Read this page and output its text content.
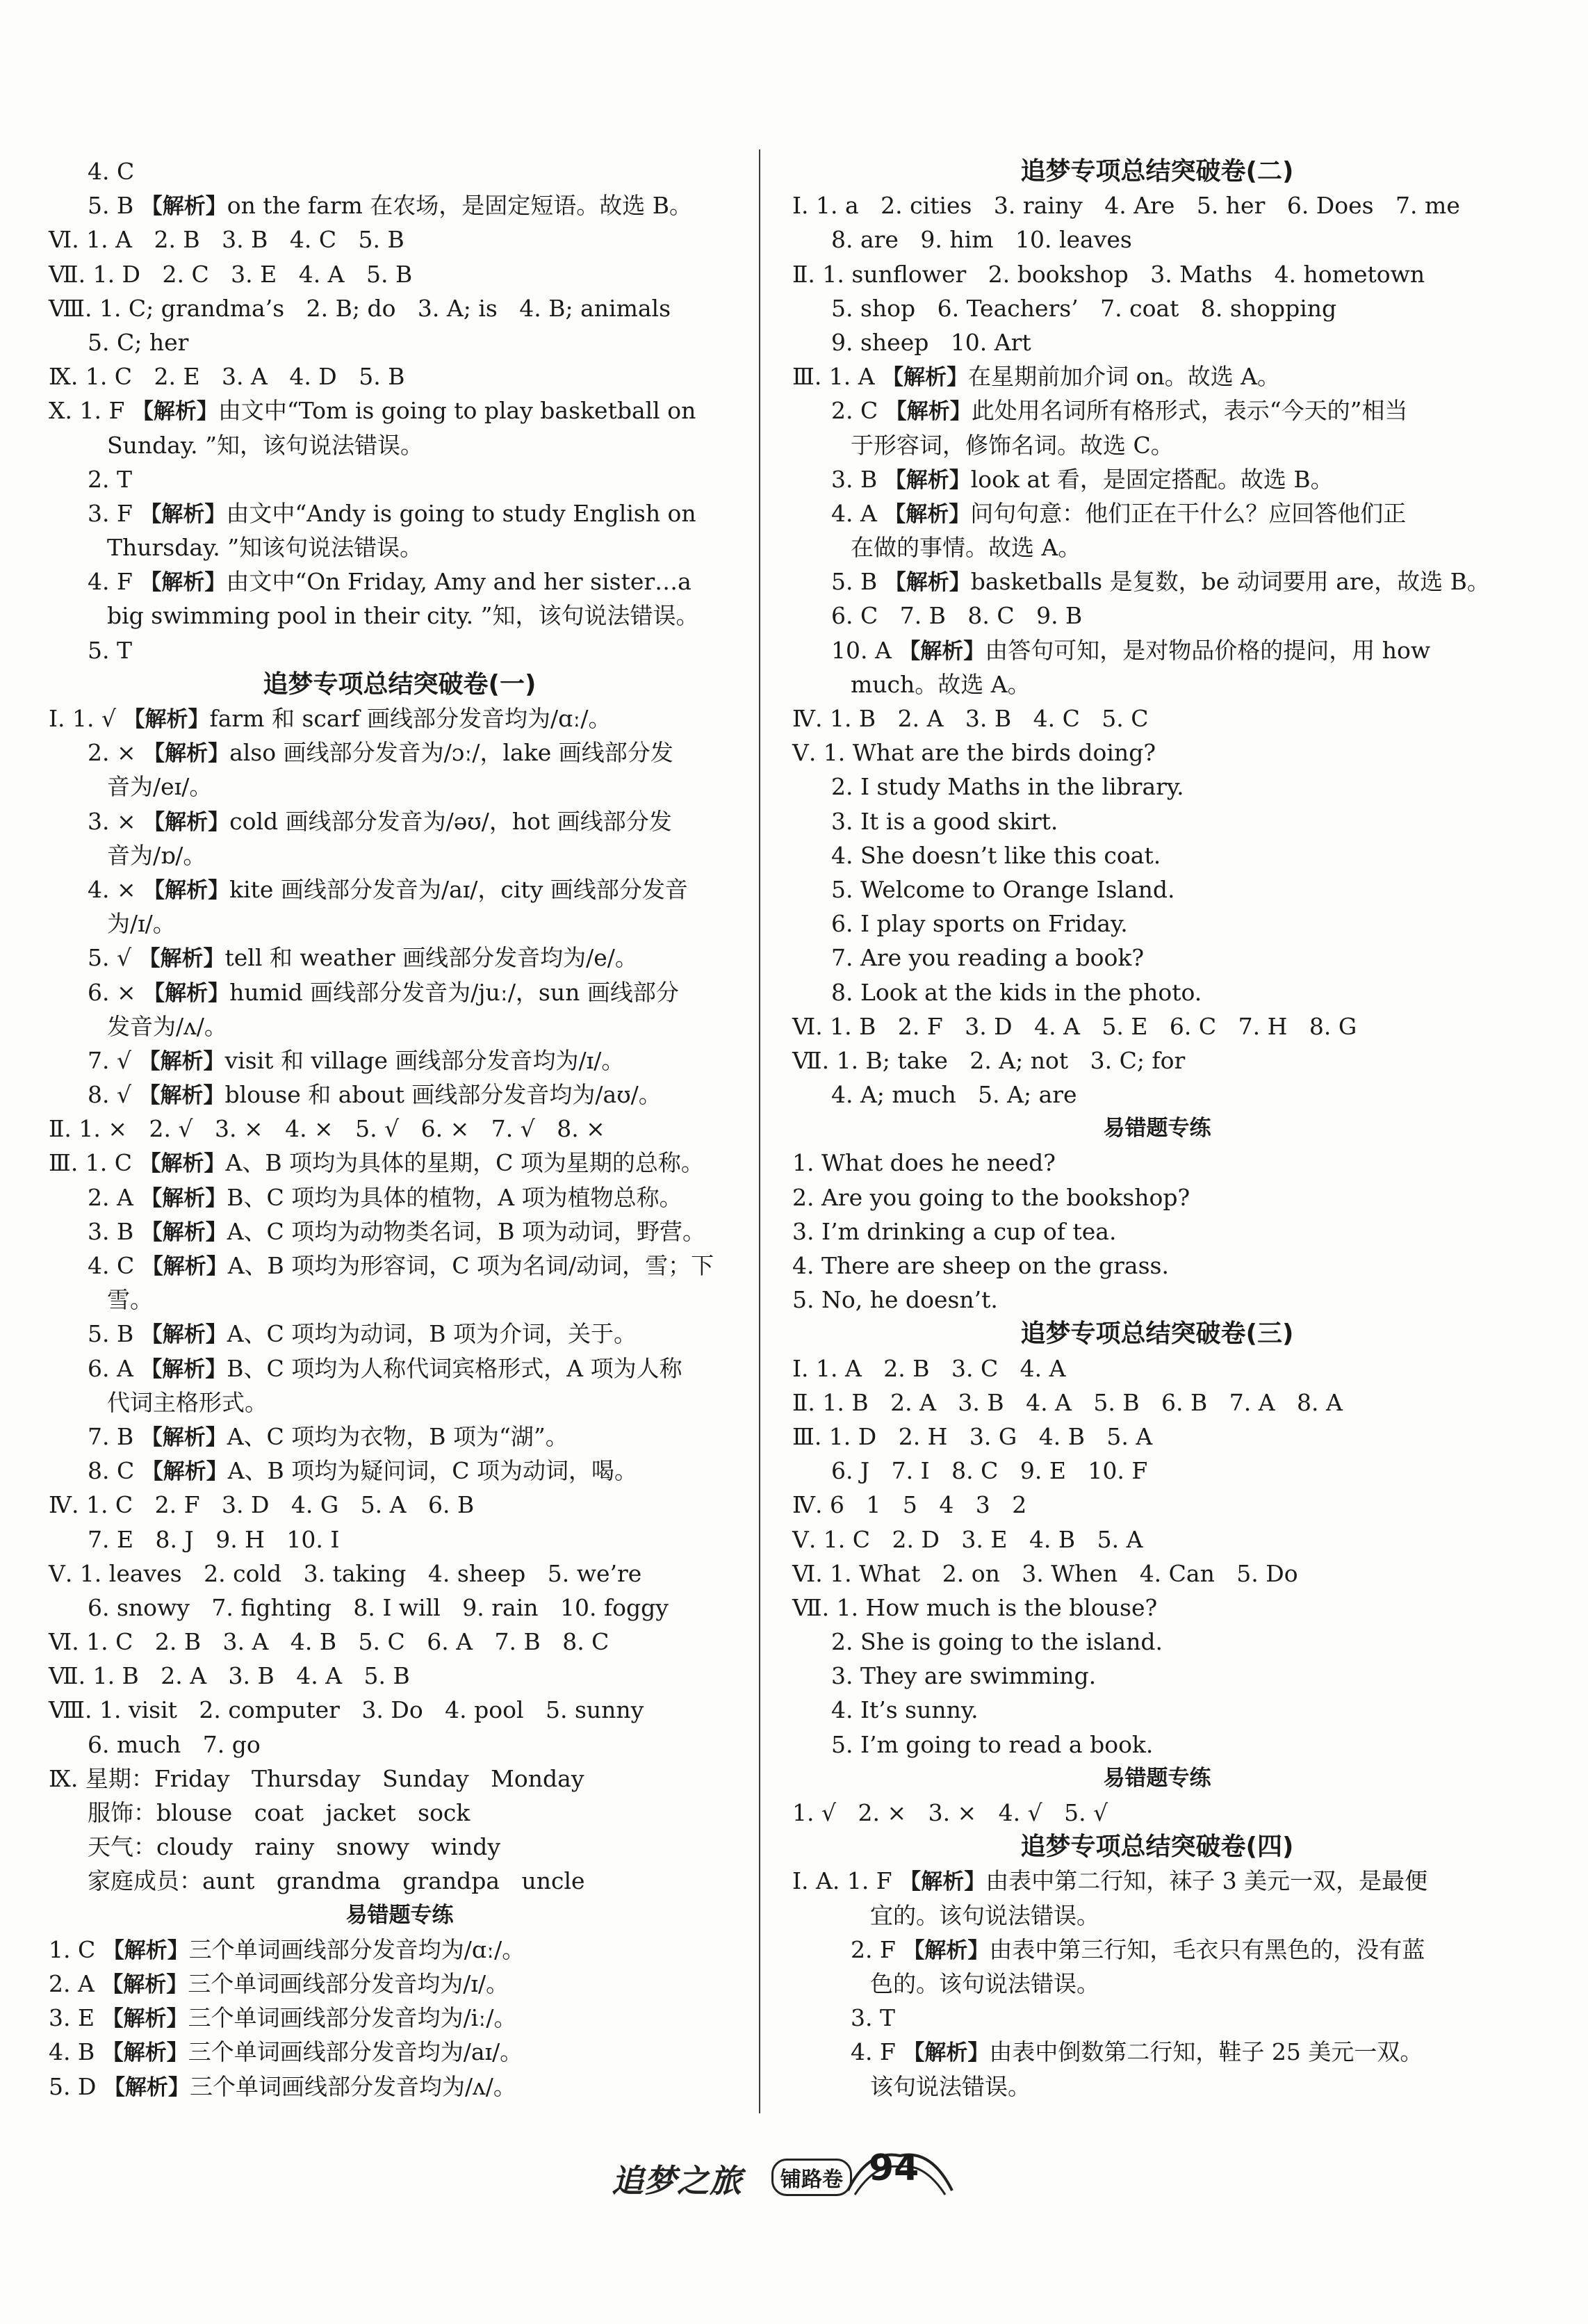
4. C
5. B 【解析】on the farm 在农场，是固定短语。故选 B。
Ⅵ. 1. A   2. B   3. B   4. C   5. B
Ⅶ. 1. D   2. C   3. E   4. A   5. B
Ⅷ. 1. C; grandma’s   2. B; do   3. A; is   4. B; animals
5. C; her
Ⅸ. 1. C   2. E   3. A   4. D   5. B
Ⅹ. 1. F 【解析】由文中“Tom is going to play basketball on
Sunday. ”知，该句说法错误。
2. T
3. F 【解析】由文中“Andy is going to study English on
Thursday. ”知该句说法错误。
4. F 【解析】由文中“On Friday, Amy and her sister…a
big swimming pool in their city. ”知，该句说法错误。
5. T
追梦专项总结突破卷(一)
Ⅰ. 1. √ 【解析】farm 和 scarf 画线部分发音均为/ɑː/。
2. × 【解析】also 画线部分发音为/ɔː/，lake 画线部分发
音为/eɪ/。
3. × 【解析】cold 画线部分发音为/əʊ/，hot 画线部分发
音为/ɒ/。
4. × 【解析】kite 画线部分发音为/aɪ/，city 画线部分发音
为/ɪ/。
5. √ 【解析】tell 和 weather 画线部分发音均为/e/。
6. × 【解析】humid 画线部分发音为/juː/，sun 画线部分
发音为/ʌ/。
7. √ 【解析】visit 和 village 画线部分发音均为/ɪ/。
8. √ 【解析】blouse 和 about 画线部分发音均为/aʊ/。
Ⅱ. 1. ×   2. √   3. ×   4. ×   5. √   6. ×   7. √   8. ×
Ⅲ. 1. C 【解析】A、B 项均为具体的星期，C 项为星期的总称。
2. A 【解析】B、C 项均为具体的植物，A 项为植物总称。
3. B 【解析】A、C 项均为动物类名词，B 项为动词，野营。
4. C 【解析】A、B 项均为形容词，C 项为名词/动词，雪；下
雪。
5. B 【解析】A、C 项均为动词，B 项为介词，关于。
6. A 【解析】B、C 项均为人称代词宾格形式，A 项为人称
代词主格形式。
7. B 【解析】A、C 项均为衣物，B 项为“湖”。
8. C 【解析】A、B 项均为疑问词，C 项为动词，喝。
Ⅳ. 1. C   2. F   3. D   4. G   5. A   6. B
7. E   8. J   9. H   10. I
Ⅴ. 1. leaves   2. cold   3. taking   4. sheep   5. we’re
6. snowy   7. fighting   8. I will   9. rain   10. foggy
Ⅵ. 1. C   2. B   3. A   4. B   5. C   6. A   7. B   8. C
Ⅶ. 1. B   2. A   3. B   4. A   5. B
Ⅷ. 1. visit   2. computer   3. Do   4. pool   5. sunny
6. much   7. go
Ⅸ. 星期：Friday   Thursday   Sunday   Monday
服饰：blouse   coat   jacket   sock
天气：cloudy   rainy   snowy   windy
家庭成员：aunt   grandma   grandpa   uncle
易错题专练
1. C 【解析】三个单词画线部分发音均为/ɑː/。
2. A 【解析】三个单词画线部分发音均为/ɪ/。
3. E 【解析】三个单词画线部分发音均为/iː/。
4. B 【解析】三个单词画线部分发音均为/aɪ/。
5. D 【解析】三个单词画线部分发音均为/ʌ/。
追梦专项总结突破卷(二)
Ⅰ. 1. a   2. cities   3. rainy   4. Are   5. her   6. Does   7. me
8. are   9. him   10. leaves
Ⅱ. 1. sunflower   2. bookshop   3. Maths   4. hometown
5. shop   6. Teachers’   7. coat   8. shopping
9. sheep   10. Art
Ⅲ. 1. A 【解析】在星期前加介词 on。故选 A。
2. C 【解析】此处用名词所有格形式，表示“今天的”相当
于形容词，修饰名词。故选 C。
3. B 【解析】look at 看，是固定搭配。故选 B。
4. A 【解析】问句句意：他们正在干什么？应回答他们正
在做的事情。故选 A。
5. B 【解析】basketballs 是复数，be 动词要用 are，故选 B。
6. C   7. B   8. C   9. B
10. A 【解析】由答句可知，是对物品价格的提问，用 how
much。故选 A。
Ⅳ. 1. B   2. A   3. B   4. C   5. C
Ⅴ. 1. What are the birds doing?
2. I study Maths in the library.
3. It is a good skirt.
4. She doesn’t like this coat.
5. Welcome to Orange Island.
6. I play sports on Friday.
7. Are you reading a book?
8. Look at the kids in the photo.
Ⅵ. 1. B   2. F   3. D   4. A   5. E   6. C   7. H   8. G
Ⅶ. 1. B; take   2. A; not   3. C; for
4. A; much   5. A; are
易错题专练
1. What does he need?
2. Are you going to the bookshop?
3. I’m drinking a cup of tea.
4. There are sheep on the grass.
5. No, he doesn’t.
追梦专项总结突破卷(三)
Ⅰ. 1. A   2. B   3. C   4. A
Ⅱ. 1. B   2. A   3. B   4. A   5. B   6. B   7. A   8. A
Ⅲ. 1. D   2. H   3. G   4. B   5. A
6. J   7. I   8. C   9. E   10. F
Ⅳ. 6   1   5   4   3   2
Ⅴ. 1. C   2. D   3. E   4. B   5. A
Ⅵ. 1. What   2. on   3. When   4. Can   5. Do
Ⅶ. 1. How much is the blouse?
2. She is going to the island.
3. They are swimming.
4. It’s sunny.
5. I’m going to read a book.
易错题专练
1. √   2. ×   3. ×   4. √   5. √
追梦专项总结突破卷(四)
Ⅰ. A. 1. F 【解析】由表中第二行知，袜子 3 美元一双，是最便
宜的。该句说法错误。
2. F 【解析】由表中第三行知，毛衣只有黑色的，没有蓝
色的。该句说法错误。
3. T
4. F 【解析】由表中倒数第二行知，鞋子 25 美元一双。
该句说法错误。
追梦之旅	铺路卷 94
